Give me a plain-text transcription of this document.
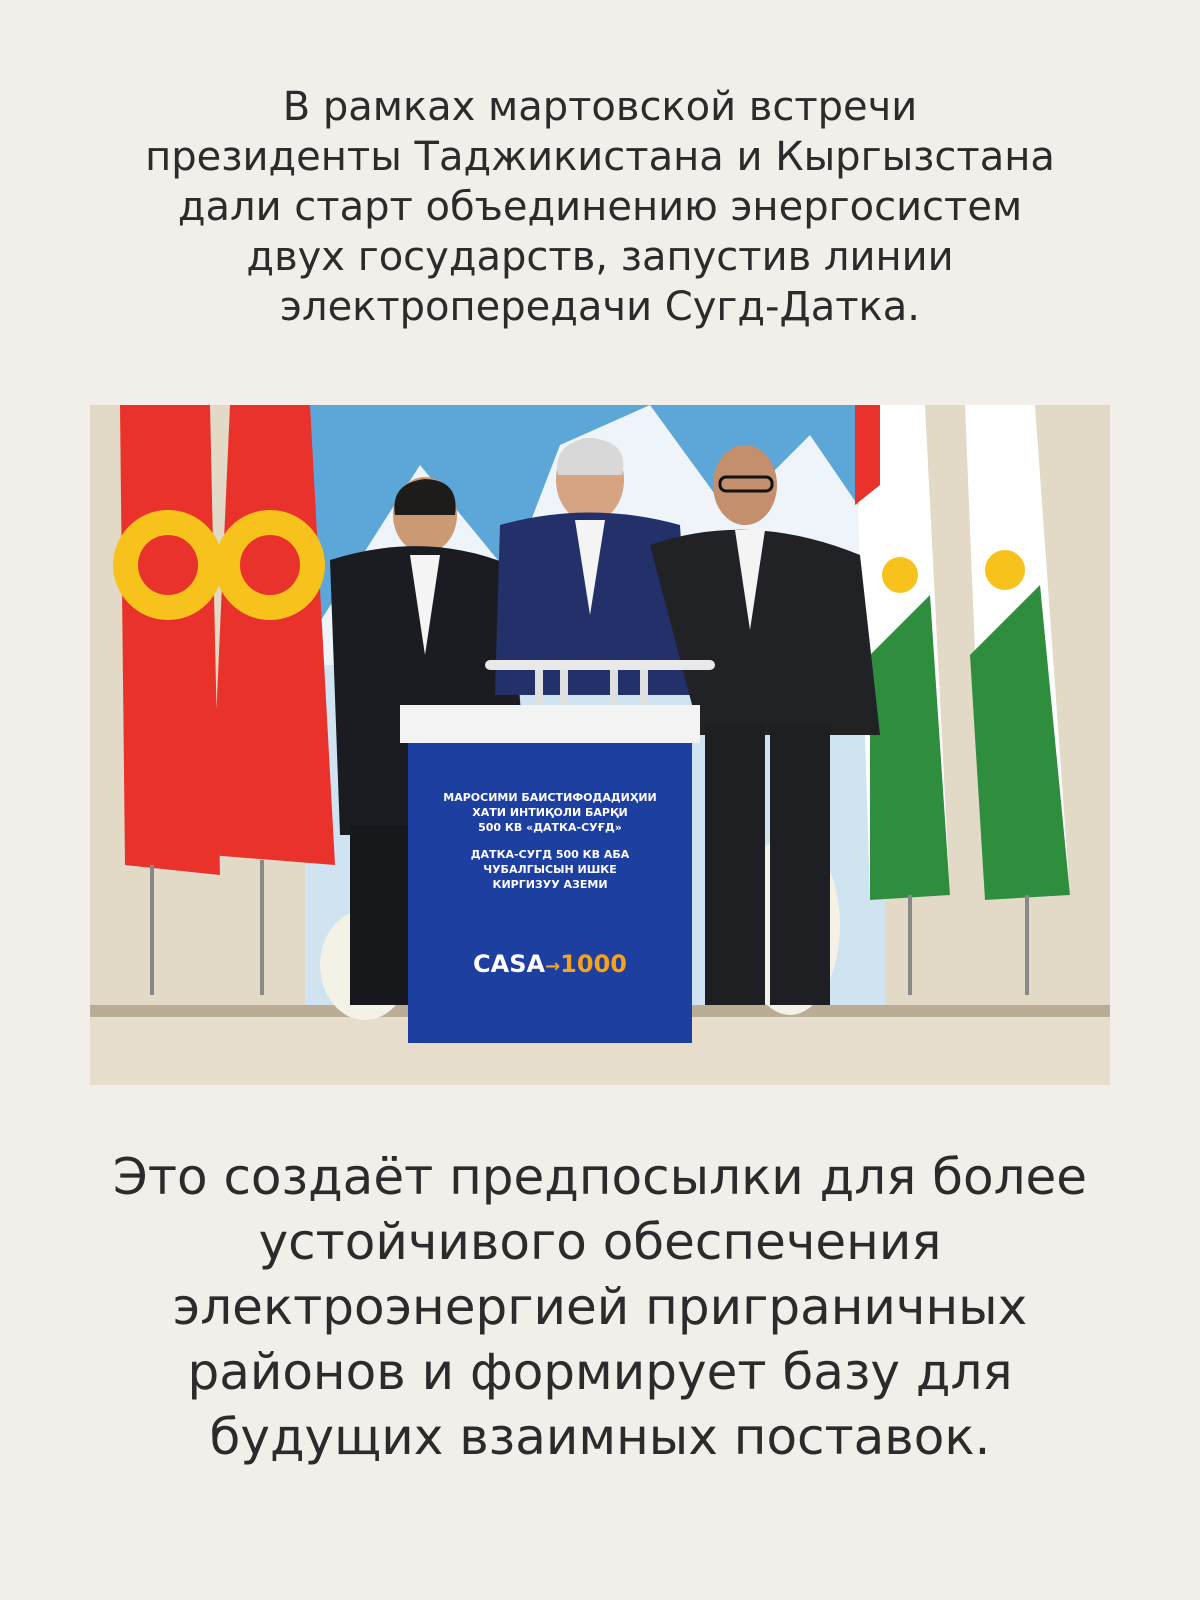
В рамках мартовской встречи
президенты Таджикистана и Кыргызстана
дали старт объединению энергосистем
двух государств, запустив линии
электропередачи Сугд-Датка.
МАРОСИМИ БАИСТИФОДАДИҲИИ
ХАТИ ИНТИҚОЛИ БАРҚИ
500 КВ «ДАТКА-СУҒД»
ДАТКА-СУГД 500 КВ АБА
ЧУБАЛГЫСЫН ИШКЕ
КИРГИЗУУ АЗЕМИ
CASA→1000

Это создаёт предпосылки для более
устойчивого обеспечения
электроэнергией приграничных
районов и формирует базу для
будущих взаимных поставок.
